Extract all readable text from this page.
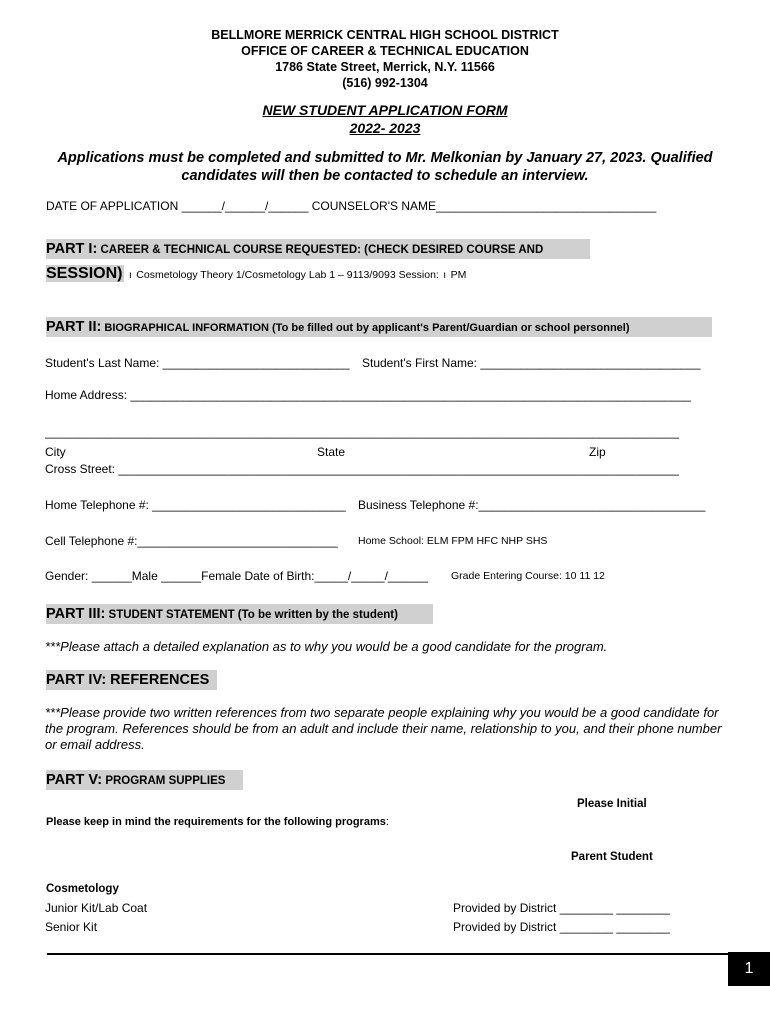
BELLMORE MERRICK CENTRAL HIGH SCHOOL DISTRICT
OFFICE OF CAREER & TECHNICAL EDUCATION
1786 State Street, Merrick, N.Y. 11566
(516) 992-1304
NEW STUDENT APPLICATION FORM
2022- 2023
Applications must be completed and submitted to Mr. Melkonian by January 27, 2023. Qualified
candidates will then be contacted to schedule an interview.
DATE OF APPLICATION ______/______/______ COUNSELOR'S NAME_________________________________
PART I: CAREER & TECHNICAL COURSE REQUESTED: (CHECK DESIRED COURSE AND
SESSION) ı Cosmetology Theory 1/Cosmetology Lab 1 – 9113/9093 Session: ı PM
PART II: BIOGRAPHICAL INFORMATION (To be filled out by applicant's Parent/Guardian or school personnel)
Student's Last Name: ____________________________ Student's First Name: _________________________________
Home Address: ____________________________________________________________________________________
_______________________________________________________________________________________________
City	State	Zip
Cross Street: ____________________________________________________________________________________
Home Telephone #: _____________________________ Business Telephone #:__________________________________
Cell Telephone #:______________________________ Home School: ELM FPM HFC NHP SHS
Gender: ______Male ______Female Date of Birth:_____/_____/______ Grade Entering Course: 10 11 12
PART III: STUDENT STATEMENT (To be written by the student)
***Please attach a detailed explanation as to why you would be a good candidate for the program.
PART IV: REFERENCES
***Please provide two written references from two separate people explaining why you would be a good candidate for the program. References should be from an adult and include their name, relationship to you, and their phone number or email address.
PART V: PROGRAM SUPPLIES
Please Initial
Please keep in mind the requirements for the following programs:
Parent Student
Cosmetology
Junior Kit/Lab Coat	Provided by District ________ ________
Senior Kit	Provided by District ________ ________
1
